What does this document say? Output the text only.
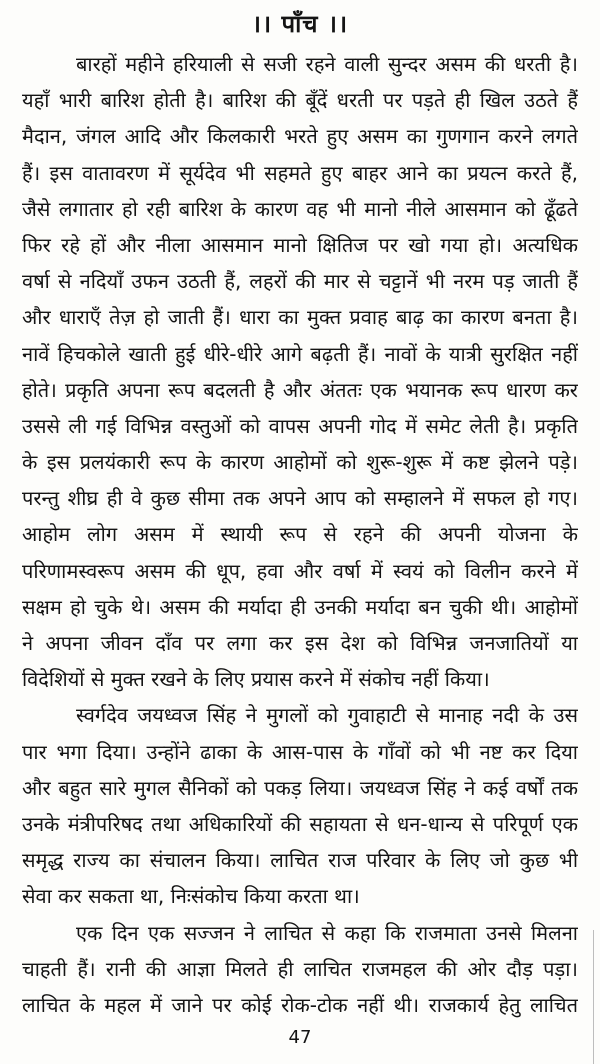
।। पाँच ।।
बारहों महीने हरियाली से सजी रहने वाली सुन्दर असम की धरती है।
यहाँ भारी बारिश होती है। बारिश की बूँदें धरती पर पड़ते ही खिल उठते हैं
मैदान, जंगल आदि और किलकारी भरते हुए असम का गुणगान करने लगते
हैं। इस वातावरण में सूर्यदेव भी सहमते हुए बाहर आने का प्रयत्न करते हैं,
जैसे लगातार हो रही बारिश के कारण वह भी मानो नीले आसमान को ढूँढते
फिर रहे हों और नीला आसमान मानो क्षितिज पर खो गया हो। अत्यधिक
वर्षा से नदियाँ उफन उठती हैं, लहरों की मार से चट्टानें भी नरम पड़ जाती हैं
और धाराएँ तेज़ हो जाती हैं। धारा का मुक्त प्रवाह बाढ़ का कारण बनता है।
नावें हिचकोले खाती हुई धीरे-धीरे आगे बढ़ती हैं। नावों के यात्री सुरक्षित नहीं
होते। प्रकृति अपना रूप बदलती है और अंततः एक भयानक रूप धारण कर
उससे ली गई विभिन्न वस्तुओं को वापस अपनी गोद में समेट लेती है। प्रकृति
के इस प्रलयंकारी रूप के कारण आहोमों को शुरू-शुरू में कष्ट झेलने पड़े।
परन्तु शीघ्र ही वे कुछ सीमा तक अपने आप को सम्हालने में सफल हो गए।
आहोम लोग असम में स्थायी रूप से रहने की अपनी योजना के
परिणामस्वरूप असम की धूप, हवा और वर्षा में स्वयं को विलीन करने में
सक्षम हो चुके थे। असम की मर्यादा ही उनकी मर्यादा बन चुकी थी। आहोमों
ने अपना जीवन दाँव पर लगा कर इस देश को विभिन्न जनजातियों या
विदेशियों से मुक्त रखने के लिए प्रयास करने में संकोच नहीं किया।
स्वर्गदेव जयध्वज सिंह ने मुगलों को गुवाहाटी से मानाह नदी के उस
पार भगा दिया। उन्होंने ढाका के आस-पास के गाँवों को भी नष्ट कर दिया
और बहुत सारे मुगल सैनिकों को पकड़ लिया। जयध्वज सिंह ने कई वर्षों तक
उनके मंत्रीपरिषद तथा अधिकारियों की सहायता से धन-धान्य से परिपूर्ण एक
समृद्ध राज्य का संचालन किया। लाचित राज परिवार के लिए जो कुछ भी
सेवा कर सकता था, निःसंकोच किया करता था।
एक दिन एक सज्जन ने लाचित से कहा कि राजमाता उनसे मिलना
चाहती हैं। रानी की आज्ञा मिलते ही लाचित राजमहल की ओर दौड़ पड़ा।
लाचित के महल में जाने पर कोई रोक-टोक नहीं थी। राजकार्य हेतु लाचित
47
